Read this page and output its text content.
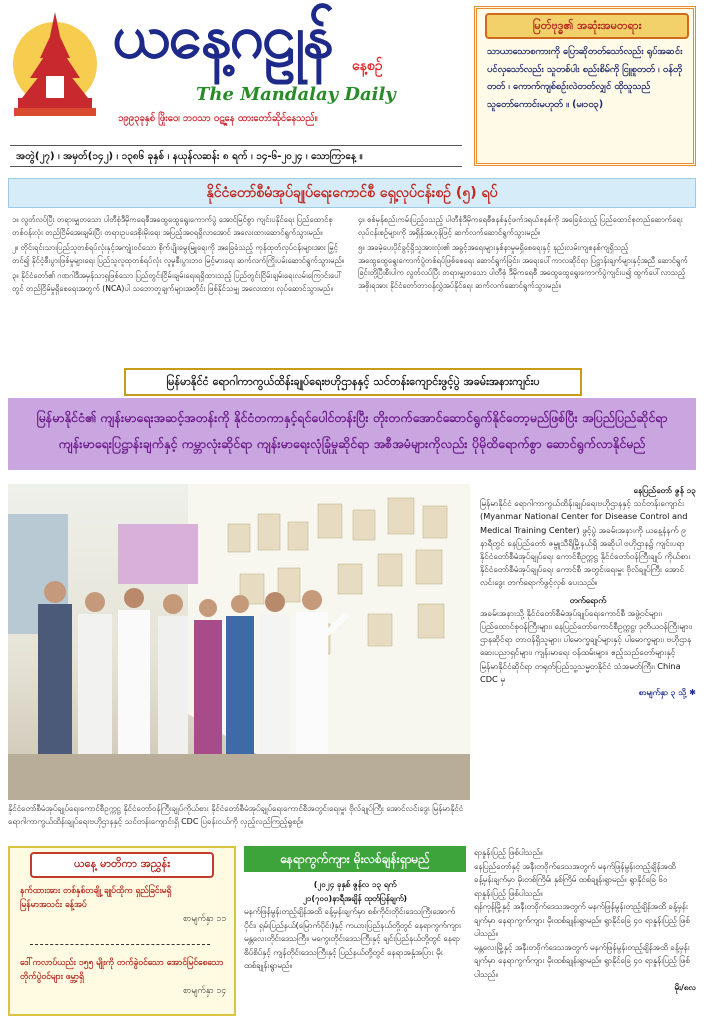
ယနေ့ဂဠုန်	နေ့စဉ်
The Mandalay Daily
၁၉၉၃ခုနှစ် ဖြိုးဝေ၊ ဘဝသာ ဝဋ္ဍနေ ထားတော်ဆိုင်နေသည်။
အတွဲ(၂၇) ၊ အမှတ်(၁၄၂) ၊ ၁၃၈၆ ခုနှစ် ၊ နယုန်လဆန်း ၈ ရက် ၊ ၁၄-၆-၂၀၂၄ ၊ သောကြာနေ့ ။
မြတ်ဗုဒ္ဓ၏ အဆုံးအမတရား
သာယာသောစကားကို ပြောဆိုတတ်သော်လည်း ရုပ်အဆင်းပင်လှသော်လည်း သူတစ်ပါး စည်းစိမ်ကို ငြူစူတတ် ၊ ဝန်တိုတတ် ၊ ကောက်ကျစ်စဉ်းလဲတတ်လျှင် ထိုသူသည် သူတော်ကောင်းမဟုတ် ။ (မ၊၁၀၃)
နိုင်ငံတော်စီမံအုပ်ချုပ်ရေးကောင်စီ ရှေ့လုပ်ငန်းစဉ် (၅) ရပ်

၁။ လွတ်လပ်ပြီး တရားမျှတသော ပါတီစုံဒီမိုကရေစီအထွေထွေရွေးကောက်ပွဲ အောင်မြင်စွာ ကျင်းပနိုင်ရေး ပြည်ထောင်စုတစ်ဝန်းလုံး တည်ငြိမ်အေးချမ်းပြီး တရားဥပဒေစိုးမိုးရေး အပြည့်အဝရရှိလာအောင် အလေးထားဆောင်ရွက်သွားမည်။

၂။ တိုင်းရင်းသားပြည်သူတစ်ရပ်လုံးနှင့်အကျုံးဝင်သော စိုက်ပျိုးမွေးမြူရေးကို အခြေခံသည့် ကုန်ထုတ်လုပ်ငန်းများအား မြှင့်တင်၍ နိုင်ငံ့စီးပွားဖြစ်မှုများရေး ပြည်သူလူထုတစ်ရပ်လုံး လူမှုစီးပွားဘဝ မြင့်မားရေး ဆက်လက်ကြိုးပမ်းဆောင်ရွက်သွားမည်။

၃။ နိုင်ငံတော်၏ ဂဏဂါဒီအမှန်သာရှဖြစ်သော ပြည်တွင်းငြိမ်းချမ်းရေးရရှိထားသည့် ပြည်တွင်းငြိမ်းချမ်းရေးလမ်းကြောင်းပေါ်တွင် တည်ငြိမ်မှုရှိစေရေးအတွက် (NCA)ပါ သဘောတူချက်များအတိုင်း ဖြစ်နိုင်သမျှ အလေးထား လုပ်ဆောင်သွားမည်။

၄။ စစ်မှန်စည်းကမ်းပြည့်ဝသည့် ပါတီစုံဒီမိုကရေစီစနစ်နှင့်ဖက်ဒရယ်စနစ်ကို အခြေခံသည့် ပြည်ထောင်စုတည်ဆောက်ရေးလုပ်ငန်းစဉ်များကို အရှိန်အဟုန်ဖြင့် ဆက်လက်ဆောင်ရွက်သွားမည်။

၅။ အခမဲ့ပေးပိုင်ခွင့်ရှိသူအားလုံး၏ အခွင့်အရေးများနှစ်နာမှုမရှိစေရေးနှင့် နည်းလမ်းကျစနစ်ကျရှိသည့် အထွေထွေရွေးကောက်ပွဲတစ်ရပ်ဖြစ်စေရေး ဆောင်ရွက်ခြင်း၊ အရေးပေါ်ကာလဆိုင်ရာ ပြဋ္ဌာန်းချက်များနှင့်အညီ ဆောင်ရွက်ခြင်းတို့ပြီးစီးပါက လွတ်လပ်ပြီး တရားမျှတသော ပါတီစုံ ဒီမိုကရေစီ အထွေထွေရွေးကောက်ပွဲကျင်းပ၍ ထွက်ပေါ်လာသည့်အစိုးရအား နိုင်ငံတော်တာဝန်လွှဲအပ်နိုင်ရေး ဆက်လက်ဆောင်ရွက်သွားမည်။

မြန်မာနိုင်ငံ ရောဂါကာကွယ်ထိန်းချုပ်ရေးဗဟိုဌာနနှင့် သင်တန်းကျောင်းဖွင့်ပွဲ အခမ်းအနားကျင်းပ
မြန်မာနိုင်ငံ၏ ကျန်းမာရေးအဆင့်အတန်းကို နိုင်ငံတကာနှင့်ရင်ပေါင်တန်းပြီး တိုးတက်အောင်ဆောင်ရွက်နိုင်တော့မည်ဖြစ်ပြီး အပြည်ပြည်ဆိုင်ရာ
ကျန်းမာရေးပြဋ္ဌာန်းချက်နှင့် ကမ္ဘာလုံးဆိုင်ရာ ကျန်းမာရေးလုံခြုံမှုဆိုင်ရာ အစီအမံများကိုလည်း ပိုမိုထိရောက်စွာ ဆောင်ရွက်လာနိုင်မည်
နိုင်ငံတော်စီမံအုပ်ချုပ်ရေးကောင်စီဥက္ကဋ္ဌ နိုင်ငံတော်ဝန်ကြီးချုပ်ကိုယ်စား နိုင်ငံတော်စီမံအုပ်ချုပ်ရေးကောင်စီအတွင်းရေးမှူး ဗိုလ်ချုပ်ကြီး အောင်လင်းဒွေး မြန်မာနိုင်ငံ ရောဂါကာကွယ်ထိန်းချုပ်ရေးဗဟိုဌာနနှင့် သင်တန်းကျောင်းရှိ CDC ပြခန်းငယ်ကို လှည့်လည်ကြည့်ရှုစဉ်။
နေပြည်တော် ဇွန် ၁၃
မြန်မာနိုင်ငံ ရောဂါကာကွယ်ထိန်းချုပ်ရေးဗဟိုဌာနနှင့် သင်တန်းကျောင်း (Myanmar National Center for Disease Control and Medical Training Center) ဖွင့်ပွဲ အခမ်းအနားကို ယနေ့နံနက် ၉ နာရီတွင် နေပြည်တော် ဇမ္ဗူသီရိမြို့နယ်ရှိ အဆိုပါ ဗဟိုဌာန၌ ကျင်းပရာ နိုင်ငံတော်စီမံအုပ်ချုပ်ရေး ကောင်စီဥက္ကဋ္ဌ နိုင်ငံတော်ဝန်ကြီးချုပ် ကိုယ်စား နိုင်ငံတော်စီမံအုပ်ချုပ်ရေး ကောင်စီ အတွင်းရေးမှူး ဗိုလ်ချုပ်ကြီး အောင်လင်းဒွေး တက်ရောက်ဖွင့်လှစ် ပေးသည်။
တက်ရောက်
အခမ်းအနားသို့ နိုင်ငံတော်စီမံအုပ်ချုပ်ရေးကောင်စီ အဖွဲ့ဝင်များ၊ ပြည်ထောင်စုဝန်ကြီးများ၊ နေပြည်တော်ကောင်စီဥက္ကဋ္ဌ၊ ဒုတိယဝန်ကြီးများ၊ ဌာနဆိုင်ရာ တာဝန်ရှိသူများ၊ ပါမောက္ခချုပ်များနှင့် ပါမောက္ခများ၊ ဗဟိုဌာန ဆေးပညာရှင်များ၊ ကျန်းမာရေး ဝန်ထမ်းများ၊ ဧည့်သည်တော်များနှင့် မြန်မာနိုင်ငံဆိုင်ရာ တရုတ်ပြည်သူ့သမ္မတနိုင်ငံ သံအမတ်ကြီး၊ China CDC မှ
စာမျက်နှာ ၃ သို့ ✱
ယနေ့ မာတိကာ အညွှန်း
နက်ထားအား တစ်နှစ်တချို့ ချုပ်ထိုက ရှည်ခြင်းမရှိ
မြန်မာအသင်း ခန့်အပ်
စာမျက်နှာ ၁၁
ဒေါ်ကလာပ်ယည်း ၁၅၅ မျိုးကို တက်ခွဲဝင်သော အောင်မြင်စေသော
တိုက်ပွဲဝင်များ ဖမ္ဘာ့ရှိ
စာမျက်နှာ ၁၄
နေရာကွက်ကျား မိုးလစ်ချန်းရှာမည်
(၂၀၂၄ ခုနှစ် ဇွန်လ ၁၃ ရက်
၂၁(၇၀၀)နာရီအချိန် ထုတ်ပြန်ချက်)
မနက်ဖြန်မွန်းတည့်ချိန်အထိ ခန့်မှန်းချက်မှာ စစ်ကိုင်းတိုင်းဒေသကြီးအောက်ပိုင်း၊ ရှမ်းပြည်နယ်(မြောက်ပိုင်း)နှင့် ကယားပြည်နယ်တို့တွင် နေရာကွက်ကျား မန္တလေးတိုင်းဒေသကြီး၊ မကွေးတိုင်းဒေသကြီးနှင့် ချင်းပြည်နယ်တို့တွင် နေရာစိပ်စိပ်နှင့် ကျန်တိုင်းဒေသကြီးနှင့် ပြည်နယ်တို့တွင် နေရာအနှံ့အပြား မိုးထစ်ချုန်းရွာမည်။
ရာနှုန်းပြည့် ဖြစ်ပါသည်။
နေပြည်တော်နှင့် အနီးတဝိုက်ဒေသအတွက် မနက်ဖြန်မွန်းတည့်ချိန်အထိ ခန့်မှန်းချက်မှာ မိုးတစ်ကြိမ်၊ နှစ်ကြိမ် ထစ်ချုန်းရွာမည်။ ရွာနိုင်ခြေ ၆၀ ရာနှုန်းပြည့် ဖြစ်ပါသည်။
ရန်ကုန်မြို့နှင့် အနီးတဝိုက်ဒေသအတွက် မနက်ဖြန်မွန်းတည့်ချိန်အထိ ခန့်မှန်းချက်မှာ နေရာကွက်ကျား မိုးထစ်ချုန်းရွာမည်။ ရွာနိုင်ခြေ ၄၀ ရာနှုန်းပြည့် ဖြစ်ပါသည်။
မန္တလေးမြို့နှင့် အနီးတဝိုက်ဒေသအတွက် မနက်ဖြန်မွန်းတည့်ချိန်အထိ ခန့်မှန်းချက်မှာ နေရာကွက်ကျား မိုးထစ်ချုန်းရွာမည်။ ရွာနိုင်ခြေ ၄၀ ရာနှုန်းပြည့် ဖြစ်ပါသည်။
မိုး/၈လ
